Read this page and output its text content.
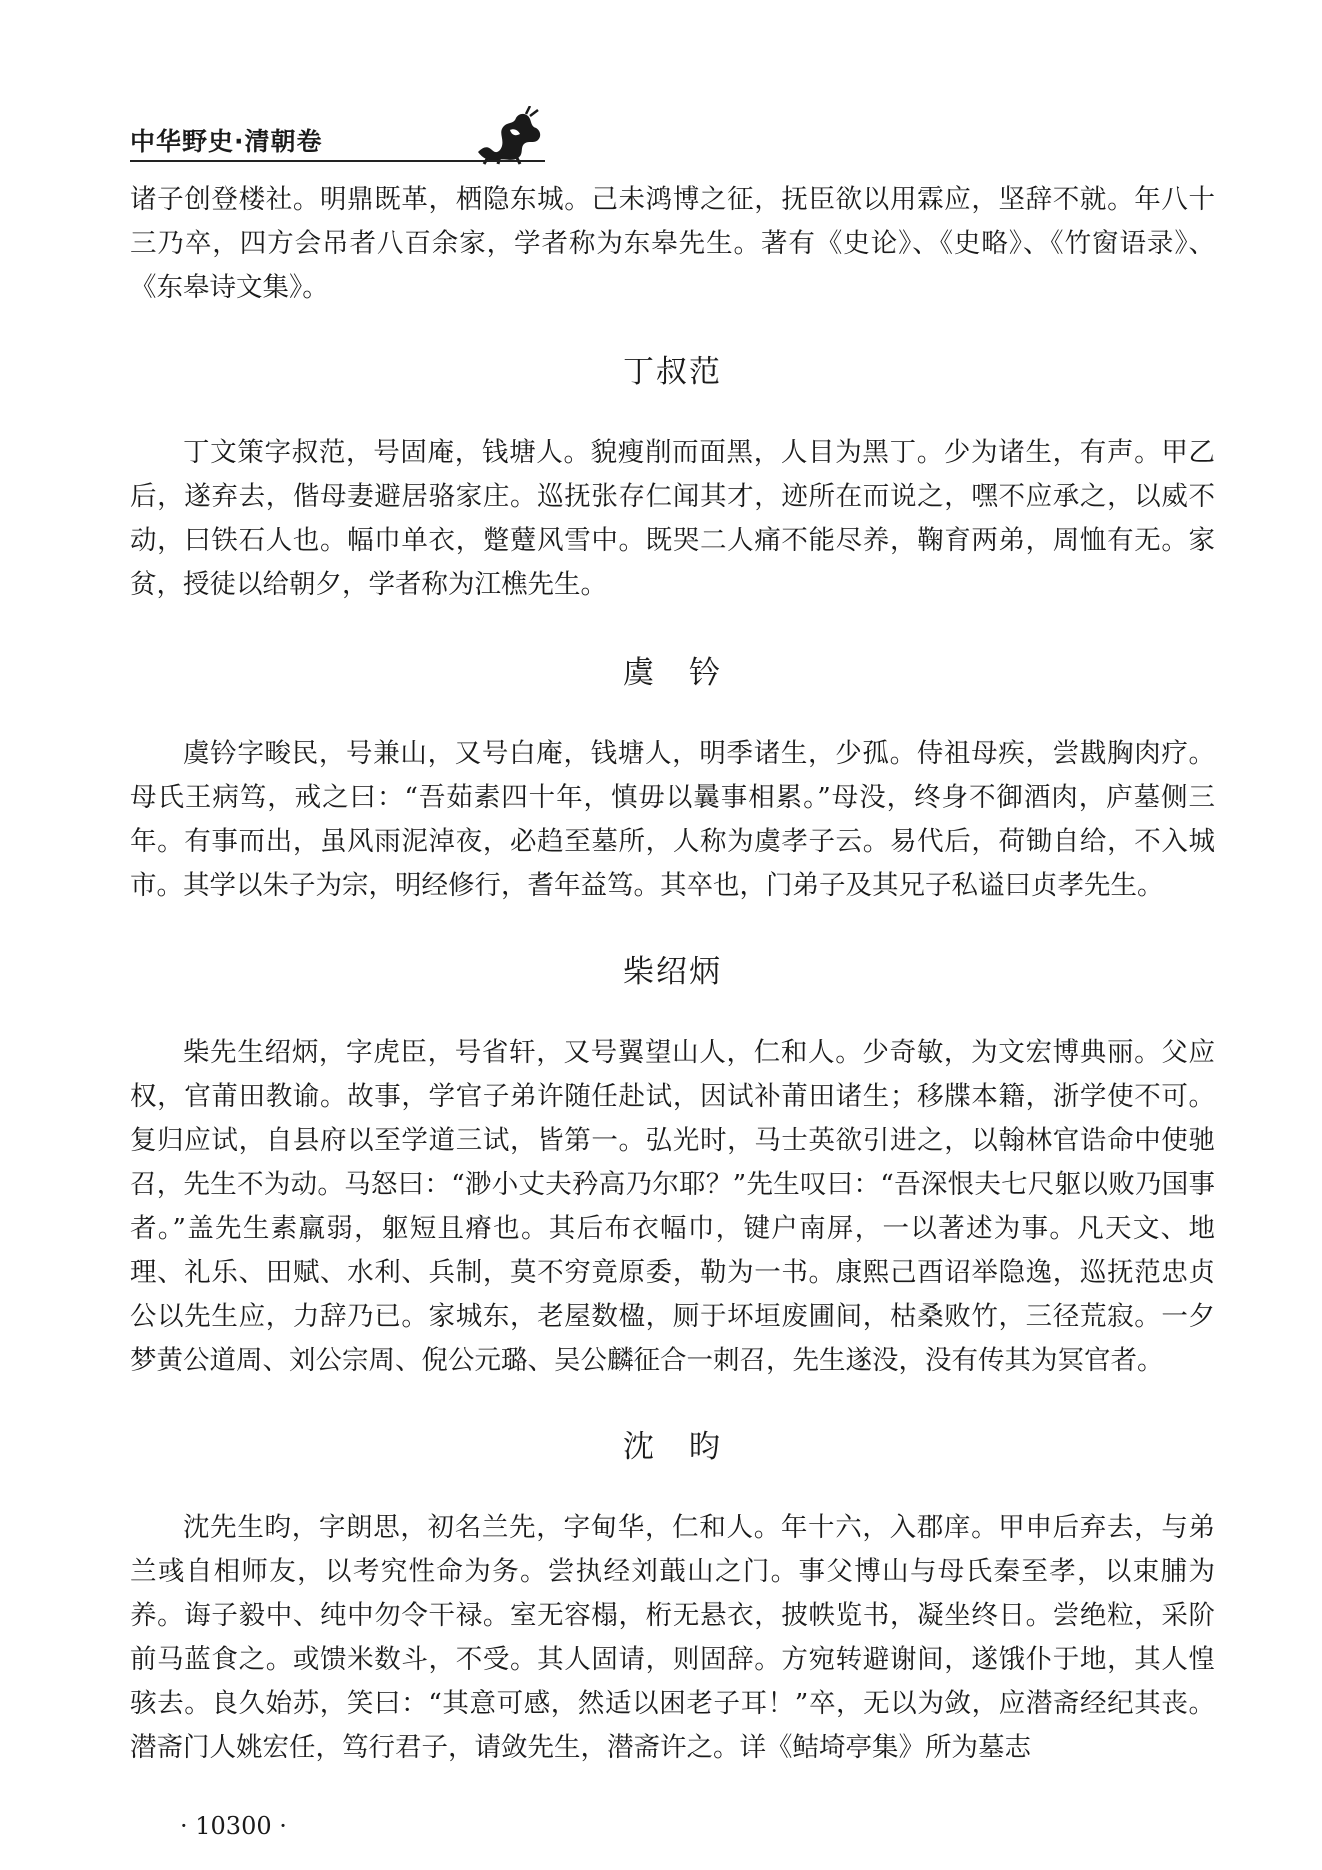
中华野史·清朝卷

诸子创登楼社。明鼎既革，栖隐东城。己未鸿博之征，抚臣欲以用霖应，坚辞不就。年八十三乃卒，四方会吊者八百余家，学者称为东皋先生。著有《史论》、《史略》、《竹窗语录》、《东皋诗文集》。

丁叔范

丁文策字叔范，号固庵，钱塘人。貌瘦削而面黑，人目为黑丁。少为诸生，有声。甲乙后，遂弃去，偕母妻避居骆家庄。巡抚张存仁闻其才，迹所在而说之，嘿不应承之，以威不动，曰铁石人也。幅巾单衣，蹩躠风雪中。既哭二人痛不能尽养，鞠育两弟，周恤有无。家贫，授徒以给朝夕，学者称为江樵先生。

虞　钤

虞钤字畯民，号兼山，又号白庵，钱塘人，明季诸生，少孤。侍祖母疾，尝戡胸肉疗。母氏王病笃，戒之曰：“吾茹素四十年，慎毋以曩事相累。”母没，终身不御酒肉，庐墓侧三年。有事而出，虽风雨泥淖夜，必趋至墓所，人称为虞孝子云。易代后，荷锄自给，不入城市。其学以朱子为宗，明经修行，耆年益笃。其卒也，门弟子及其兄子私谥曰贞孝先生。

柴绍炳

柴先生绍炳，字虎臣，号省轩，又号翼望山人，仁和人。少奇敏，为文宏博典丽。父应权，官莆田教谕。故事，学官子弟许随任赴试，因试补莆田诸生；移牒本籍，浙学使不可。复归应试，自县府以至学道三试，皆第一。弘光时，马士英欲引进之，以翰林官诰命中使驰召，先生不为动。马怒曰：“渺小丈夫矜高乃尔耶？”先生叹曰：“吾深恨夫七尺躯以败乃国事者。”盖先生素羸弱，躯短且瘠也。其后布衣幅巾，键户南屏，一以著述为事。凡天文、地理、礼乐、田赋、水利、兵制，莫不穷竟原委，勒为一书。康熙己酉诏举隐逸，巡抚范忠贞公以先生应，力辞乃已。家城东，老屋数楹，厕于坏垣废圃间，枯桑败竹，三径荒寂。一夕梦黄公道周、刘公宗周、倪公元璐、吴公麟征合一刺召，先生遂没，没有传其为冥官者。

沈　昀

沈先生昀，字朗思，初名兰先，字甸华，仁和人。年十六，入郡庠。甲申后弃去，与弟兰彧自相师友，以考究性命为务。尝执经刘蕺山之门。事父博山与母氏秦至孝，以束脯为养。诲子毅中、纯中勿令干禄。室无容榻，桁无悬衣，披帙览书，凝坐终日。尝绝粒，采阶前马蓝食之。或馈米数斗，不受。其人固请，则固辞。方宛转避谢间，遂饿仆于地，其人惶骇去。良久始苏，笑曰：“其意可感，然适以困老子耳！”卒，无以为敛，应潜斋经纪其丧。潜斋门人姚宏任，笃行君子，请敛先生，潜斋许之。详《鲒埼亭集》所为墓志

· 10300 ·
